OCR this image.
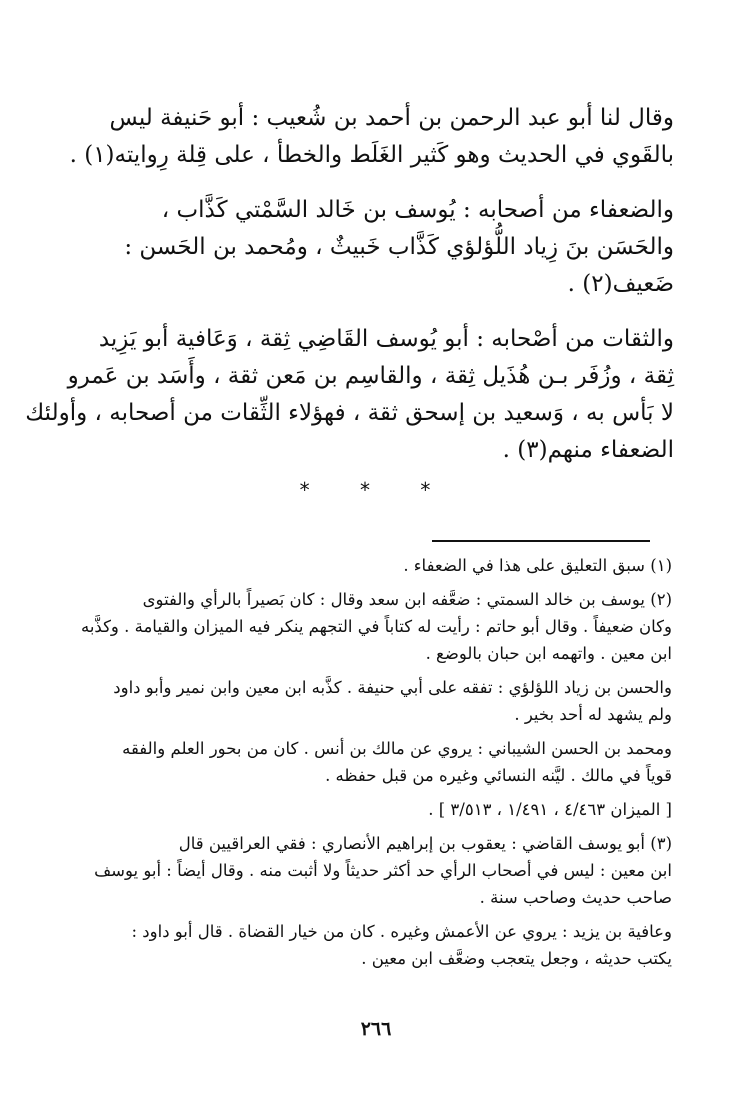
وقال لنا أبو عبد الرحمن بن أحمد بن شُعيب : أبو حَنيفة ليس
بالقَوي في الحديث وهو كَثير الغَلَط والخطأ ، على قِلة رِوايته(١) .

والضعفاء من أصحابه : يُوسف بن خَالد السَّمْتي كَذَّاب ،
والحَسَن بنَ زِياد اللُّؤلؤي كَذَّاب خَبيثٌ ، ومُحمد بن الحَسن :
ضَعيف(٢) .

والثقات من أصْحابه : أبو يُوسف القَاضِي ثِقة ، وَعَافية أبو يَزِيد
ثِقة ، وزُفَر بـن هُذَيل ثِقة ، والقاسِم بن مَعن ثقة ، وأَسَد بن عَمرو
لا بَأس به ، وَسعيد بن إسحق ثقة ، فهؤلاء الثِّقات من أصحابه ، وأولئك
الضعفاء منهم(٣) .

* * *
(١) سبق التعليق على هذا في الضعفاء .
(٢) يوسف بن خالد السمتي : ضعَّفه ابن سعد وقال : كان بَصيراً بالرأي والفتوى
وكان ضعيفاً . وقال أبو حاتم : رأيت له كتاباً في التجهم ينكر فيه الميزان والقيامة . وكذَّبه
ابن معين . واتهمه ابن حبان بالوضع .
والحسن بن زياد اللؤلؤي : تفقه على أبي حنيفة . كذَّبه ابن معين وابن نمير وأبو داود
ولم يشهد له أحد بخير .
ومحمد بن الحسن الشيباني : يروي عن مالك بن أنس . كان من بحور العلم والفقه
قوياً في مالك . ليَّنه النسائي وغيره من قبل حفظه .
[ الميزان ٤/٤٦٣ ، ١/٤٩١ ، ٣/٥١٣ ] .
(٣) أبو يوسف القاضي : يعقوب بن إبراهيم الأنصاري : فقي العراقيين قال
ابن معين : ليس في أصحاب الرأي حد أكثر حديثاً ولا أثبت منه . وقال أيضاً : أبو يوسف
صاحب حديث وصاحب سنة .
وعافية بن يزيد : يروي عن الأعمش وغيره . كان من خيار القضاة . قال أبو داود :
يكتب حديثه ، وجعل يتعجب وضعَّف ابن معين .
٢٦٦
